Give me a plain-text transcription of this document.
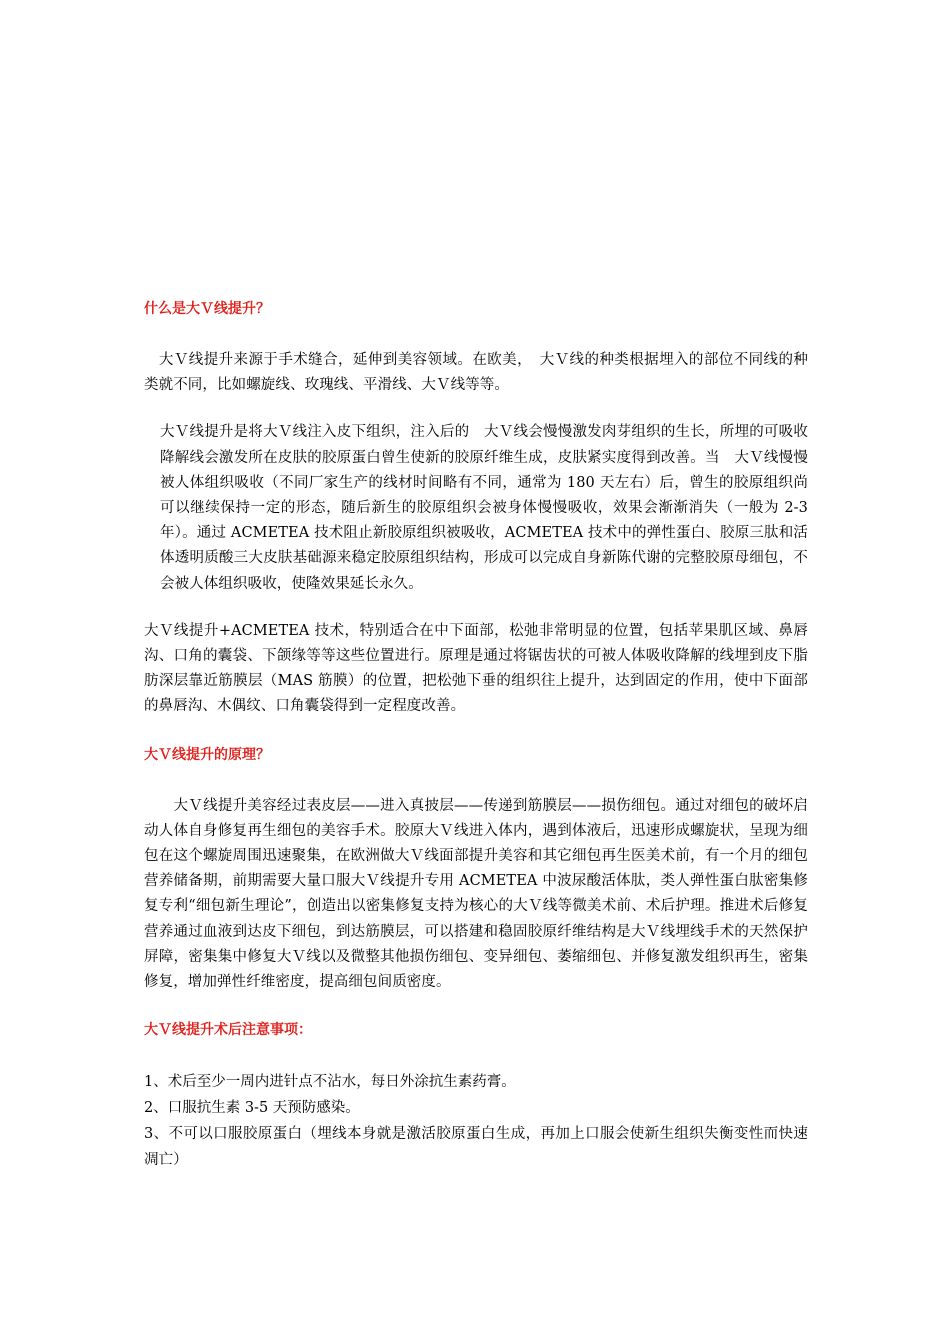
什么是大Ｖ线提升？

　大Ｖ线提升来源于手术缝合，延伸到美容领域。在欧美，　大Ｖ线的种类根据埋入的部位不同线的种类就不同，比如螺旋线、玫瑰线、平滑线、大Ｖ线等等。

大Ｖ线提升是将大Ｖ线注入皮下组织，注入后的　大Ｖ线会慢慢激发肉芽组织的生长，所埋的可吸收降解线会激发所在皮肤的胶原蛋白曾生使新的胶原纤维生成，皮肤紧实度得到改善。当　大Ｖ线慢慢被人体组织吸收（不同厂家生产的线材时间略有不同，通常为 180 天左右）后，曾生的胶原组织尚可以继续保持一定的形态，随后新生的胶原组织会被身体慢慢吸收，效果会渐渐消失（一般为 2-3 年）。通过 ACMETEA 技术阻止新胶原组织被吸收，ACMETEA 技术中的弹性蛋白、胶原三肽和活体透明质酸三大皮肤基础源来稳定胶原组织结构，形成可以完成自身新陈代谢的完整胶原母细包，不会被人体组织吸收，使隆效果延长永久。

大Ｖ线提升+ACMETEA 技术，特别适合在中下面部，松弛非常明显的位置，包括苹果肌区域、鼻唇沟、口角的囊袋、下颌缘等等这些位置进行。原理是通过将锯齿状的可被人体吸收降解的线埋到皮下脂肪深层靠近筋膜层（MAS 筋膜）的位置，把松弛下垂的组织往上提升，达到固定的作用，使中下面部的鼻唇沟、木偶纹、口角囊袋得到一定程度改善。

大Ｖ线提升的原理？

　　大Ｖ线提升美容经过表皮层——进入真披层——传递到筋膜层——损伤细包。通过对细包的破坏启动人体自身修复再生细包的美容手术。胶原大Ｖ线进入体内，遇到体液后，迅速形成螺旋状，呈现为细包在这个螺旋周围迅速聚集，在欧洲做大Ｖ线面部提升美容和其它细包再生医美术前，有一个月的细包营养储备期，前期需要大量口服大Ｖ线提升专用 ACMETEA 中波尿酸活体肽，类人弹性蛋白肽密集修复专利“细包新生理论”，创造出以密集修复支持为核心的大Ｖ线等微美术前、术后护理。推进术后修复营养通过血液到达皮下细包，到达筋膜层，可以搭建和稳固胶原纤维结构是大Ｖ线埋线手术的天然保护屏障，密集集中修复大Ｖ线以及微整其他损伤细包、变异细包、萎缩细包、并修复激发组织再生，密集修复，增加弹性纤维密度，提高细包间质密度。

大Ｖ线提升术后注意事项：

1、术后至少一周内进针点不沾水，每日外涂抗生素药膏。

2、口服抗生素 3-5 天预防感染。

3、不可以口服胶原蛋白（埋线本身就是激活胶原蛋白生成，再加上口服会使新生组织失衡变性而快速凋亡）
